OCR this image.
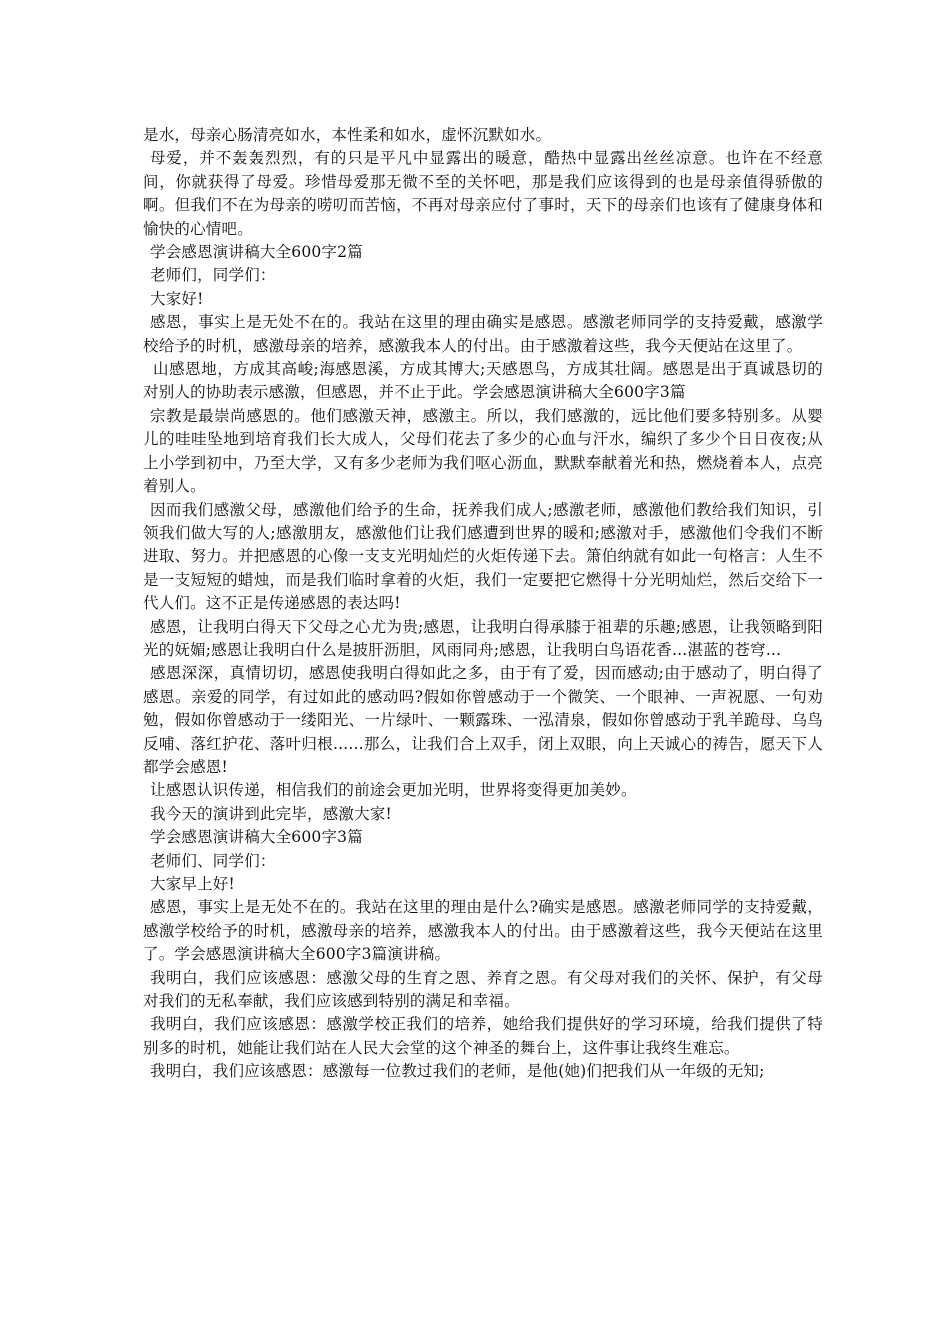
是水，母亲心肠清亮如水，本性柔和如水，虚怀沉默如水。

母爱，并不轰轰烈烈，有的只是平凡中显露出的暖意，酷热中显露出丝丝凉意。也许在不经意间，你就获得了母爱。珍惜母爱那无微不至的关怀吧，那是我们应该得到的也是母亲值得骄傲的啊。但我们不在为母亲的唠叨而苦恼，不再对母亲应付了事时，天下的母亲们也该有了健康身体和愉快的心情吧。

学会感恩演讲稿大全600字2篇

老师们，同学们：

大家好!

感恩，事实上是无处不在的。我站在这里的理由确实是感恩。感激老师同学的支持爱戴，感激学校给予的时机，感激母亲的培养，感激我本人的付出。由于感激着这些，我今天便站在这里了。

山感恩地，方成其高峻;海感恩溪，方成其博大;天感恩鸟，方成其壮阔。感恩是出于真诚恳切的对别人的协助表示感激，但感恩，并不止于此。学会感恩演讲稿大全600字3篇

宗教是最崇尚感恩的。他们感激天神，感激主。所以，我们感激的，远比他们要多特别多。从婴儿的哇哇坠地到培育我们长大成人，父母们花去了多少的心血与汗水，编织了多少个日日夜夜;从上小学到初中，乃至大学，又有多少老师为我们呕心沥血，默默奉献着光和热，燃烧着本人，点亮着别人。

因而我们感激父母，感激他们给予的生命，抚养我们成人;感激老师，感激他们教给我们知识，引领我们做大写的人;感激朋友，感激他们让我们感遭到世界的暖和;感激对手，感激他们令我们不断进取、努力。并把感恩的心像一支支光明灿烂的火炬传递下去。箫伯纳就有如此一句格言：人生不是一支短短的蜡烛，而是我们临时拿着的火炬，我们一定要把它燃得十分光明灿烂，然后交给下一代人们。这不正是传递感恩的表达吗!

感恩，让我明白得天下父母之心尤为贵;感恩，让我明白得承膝于祖辈的乐趣;感恩，让我领略到阳光的妩媚;感恩让我明白什么是披肝沥胆，风雨同舟;感恩，让我明白鸟语花香...湛蓝的苍穹...

感恩深深，真情切切，感恩使我明白得如此之多，由于有了爱，因而感动;由于感动了，明白得了感恩。亲爱的同学，有过如此的感动吗?假如你曾感动于一个微笑、一个眼神、一声祝愿、一句劝勉，假如你曾感动于一缕阳光、一片绿叶、一颗露珠、一泓清泉，假如你曾感动于乳羊跪母、乌鸟反哺、落红护花、落叶归根......那么，让我们合上双手，闭上双眼，向上天诚心的祷告，愿天下人都学会感恩!

让感恩认识传递，相信我们的前途会更加光明，世界将变得更加美妙。

我今天的演讲到此完毕，感激大家!

学会感恩演讲稿大全600字3篇

老师们、同学们：

大家早上好!

感恩，事实上是无处不在的。我站在这里的理由是什么?确实是感恩。感激老师同学的支持爱戴，感激学校给予的时机，感激母亲的培养，感激我本人的付出。由于感激着这些，我今天便站在这里了。学会感恩演讲稿大全600字3篇演讲稿。

我明白，我们应该感恩：感激父母的生育之恩、养育之恩。有父母对我们的关怀、保护，有父母对我们的无私奉献，我们应该感到特别的满足和幸福。

我明白，我们应该感恩：感激学校正我们的培养，她给我们提供好的学习环境，给我们提供了特别多的时机，她能让我们站在人民大会堂的这个神圣的舞台上，这件事让我终生难忘。

我明白，我们应该感恩：感激每一位教过我们的老师，是他(她)们把我们从一年级的无知;
